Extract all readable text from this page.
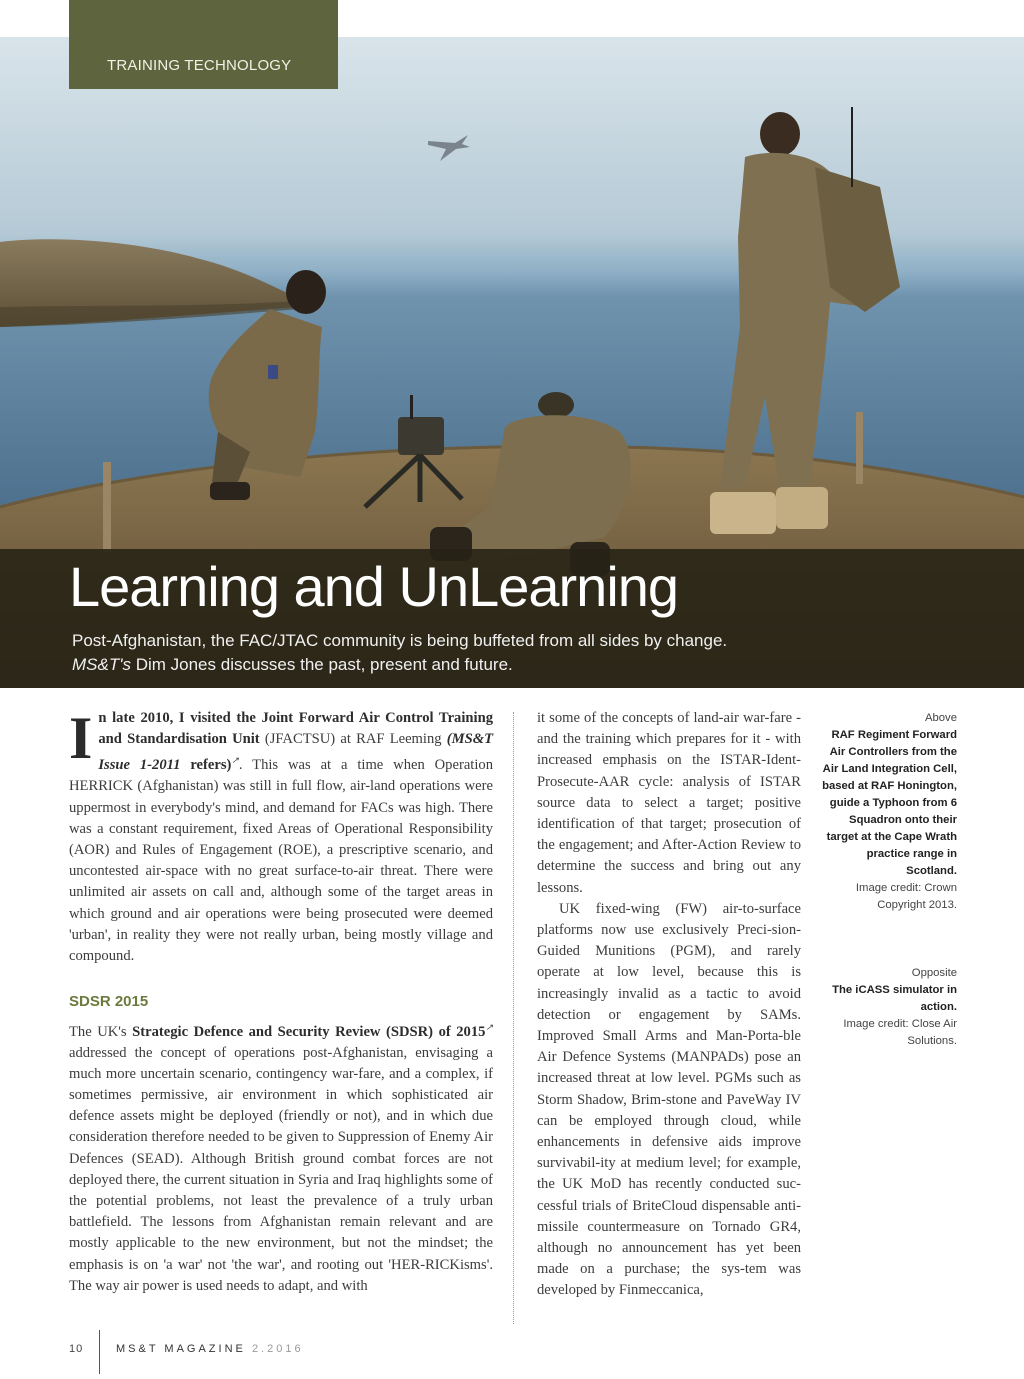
TRAINING TECHNOLOGY
Learning and UnLearning
Post-Afghanistan, the FAC/JTAC community is being buffeted from all sides by change.
MS&T's Dim Jones discusses the past, present and future.

In late 2010, I visited the Joint Forward Air Control Training and Standardisation Unit (JFACTSU) at RAF Leeming (MS&T Issue 1-2011 refers)↗. This was at a time when Operation HERRICK (Afghanistan) was still in full flow, air-land operations were uppermost in everybody's mind, and demand for FACs was high. There was a constant requirement, fixed Areas of Operational Responsibility (AOR) and Rules of Engagement (ROE), a prescriptive scenario, and uncontested air-space with no great surface-to-air threat. There were unlimited air assets on call and, although some of the target areas in which ground and air operations were being prosecuted were deemed 'urban', in reality they were not really urban, being mostly village and compound.

SDSR 2015

The UK's Strategic Defence and Security Review (SDSR) of 2015↗ addressed the concept of operations post-Afghanistan, envisaging a much more uncertain scenario, contingency war-fare, and a complex, if sometimes permissive, air environment in which sophisticated air defence assets might be deployed (friendly or not), and in which due consideration therefore needed to be given to Suppression of Enemy Air Defences (SEAD). Although British ground combat forces are not deployed there, the current situation in Syria and Iraq highlights some of the potential problems, not least the prevalence of a truly urban battlefield. The lessons from Afghanistan remain relevant and are mostly applicable to the new environment, but not the mindset; the emphasis is on 'a war' not 'the war', and rooting out 'HER-RICKisms'. The way air power is used needs to adapt, and with

it some of the concepts of land-air war-fare - and the training which prepares for it - with increased emphasis on the ISTAR-Ident-Prosecute-AAR cycle: analysis of ISTAR source data to select a target; positive identification of that target; prosecution of the engagement; and After-Action Review to determine the success and bring out any lessons.

UK fixed-wing (FW) air-to-surface platforms now use exclusively Preci-sion-Guided Munitions (PGM), and rarely operate at low level, because this is increasingly invalid as a tactic to avoid detection or engagement by SAMs. Improved Small Arms and Man-Porta-ble Air Defence Systems (MANPADs) pose an increased threat at low level. PGMs such as Storm Shadow, Brim-stone and PaveWay IV can be employed through cloud, while enhancements in defensive aids improve survivabil-ity at medium level; for example, the UK MoD has recently conducted suc-cessful trials of BriteCloud dispensable anti-missile countermeasure on Tornado GR4, although no announcement has yet been made on a purchase; the sys-tem was developed by Finmeccanica,

Above
RAF Regiment Forward Air Controllers from the Air Land Integration Cell, based at RAF Honington, guide a Typhoon from 6 Squadron onto their target at the Cape Wrath practice range in Scotland.
Image credit: Crown Copyright 2013.
Opposite
The iCASS simulator in action.
Image credit: Close Air Solutions.
10	MS&T MAGAZINE 2.2016
